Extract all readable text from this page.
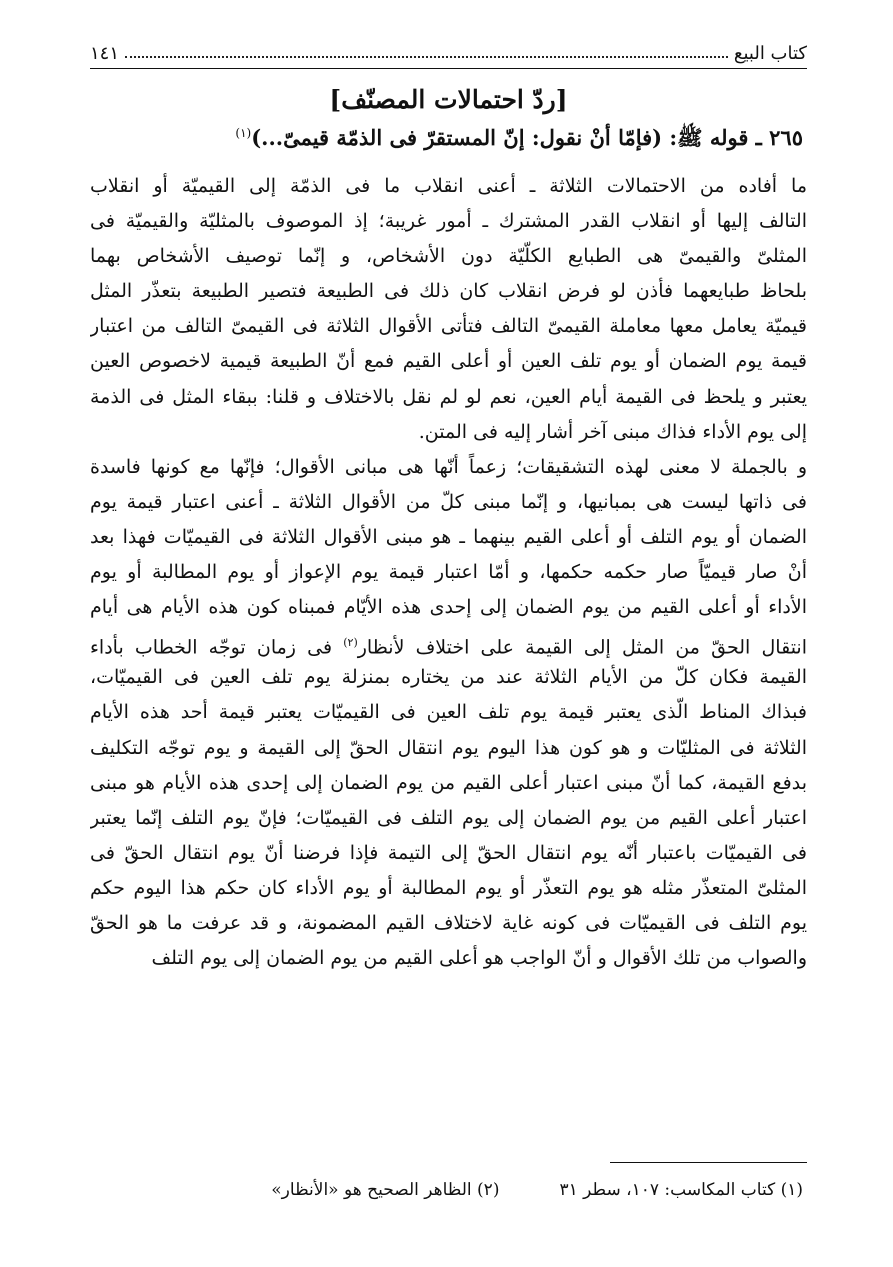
كتاب البيع
١٤١
[ردّ احتمالات المصنّف]
٢٦٥ ـ قوله ﷺ: (فإمّا أنْ نقول: إنّ المستقرّ فى الذمّة قيمىّ...)$^{(١)}$
ما أفاده من الاحتمالات الثلاثة ـ أعنى انقلاب ما فى الذمّة إلى القيميّة أو انقلاب
التالف إليها أو انقلاب القدر المشترك ـ أمور غريبة؛ إذ الموصوف بالمثليّة والقيميّة فى
المثلىّ والقيمىّ هى الطبايع الكلّيّة دون الأشخاص، و إنّما توصيف الأشخاص بهما
بلحاظ طبايعهما فأذن لو فرض انقلاب كان ذلك فى الطبيعة فتصير الطبيعة بتعذّر المثل
قيميّة يعامل معها معاملة القيمىّ التالف فتأتى الأقوال الثلاثة فى القيمىّ التالف من اعتبار
قيمة يوم الضمان أو يوم تلف العين أو أعلى القيم فمع أنّ الطبيعة قيمية لاخصوص العين
يعتبر و يلحظ فى القيمة أيام العين، نعم لو لم نقل بالاختلاف و قلنا: ببقاء المثل فى الذمة
إلى يوم الأداء فذاك مبنى آخر أشار إليه فى المتن.
و بالجملة لا معنى لهذه التشقيقات؛ زعماً أنّها هى مبانى الأقوال؛ فإنّها مع كونها فاسدة
فى ذاتها ليست هى بمبانيها، و إنّما مبنى كلّ من الأقوال الثلاثة ـ أعنى اعتبار قيمة يوم
الضمان أو يوم التلف أو أعلى القيم بينهما ـ هو مبنى الأقوال الثلاثة فى القيميّات فهذا بعد
أنْ صار قيميّاً صار حكمه حكمها، و أمّا اعتبار قيمة يوم الإعواز أو يوم المطالبة أو يوم
الأداء أو أعلى القيم من يوم الضمان إلى إحدى هذه الأيّام فمبناه كون هذه الأيام هى أيام
انتقال الحقّ من المثل إلى القيمة على اختلاف لأنظار$^{(٢)}$ فى زمان توجّه الخطاب بأداء
القيمة فكان كلّ من الأيام الثلاثة عند من يختاره بمنزلة يوم تلف العين فى القيميّات،
فبذاك المناط الّذى يعتبر قيمة يوم تلف العين فى القيميّات يعتبر قيمة أحد هذه الأيام
الثلاثة فى المثليّات و هو كون هذا اليوم يوم انتقال الحقّ إلى القيمة و يوم توجّه التكليف
بدفع القيمة، كما أنّ مبنى اعتبار أعلى القيم من يوم الضمان إلى إحدى هذه الأيام هو مبنى
اعتبار أعلى القيم من يوم الضمان إلى يوم التلف فى القيميّات؛ فإنّ يوم التلف إنّما يعتبر
فى القيميّات باعتبار أنّه يوم انتقال الحقّ إلى التيمة فإذا فرضنا أنّ يوم انتقال الحقّ فى
المثلىّ المتعذّر مثله هو يوم التعذّر أو يوم المطالبة أو يوم الأداء كان حكم هذا اليوم حكم
يوم التلف فى القيميّات فى كونه غاية لاختلاف القيم المضمونة، و قد عرفت ما هو الحقّ
والصواب من تلك الأقوال و أنّ الواجب هو أعلى القيم من يوم الضمان إلى يوم التلف
(١) كتاب المكاسب: ١٠٧، سطر ٣١
(٢) الظاهر الصحيح هو «الأنظار»
